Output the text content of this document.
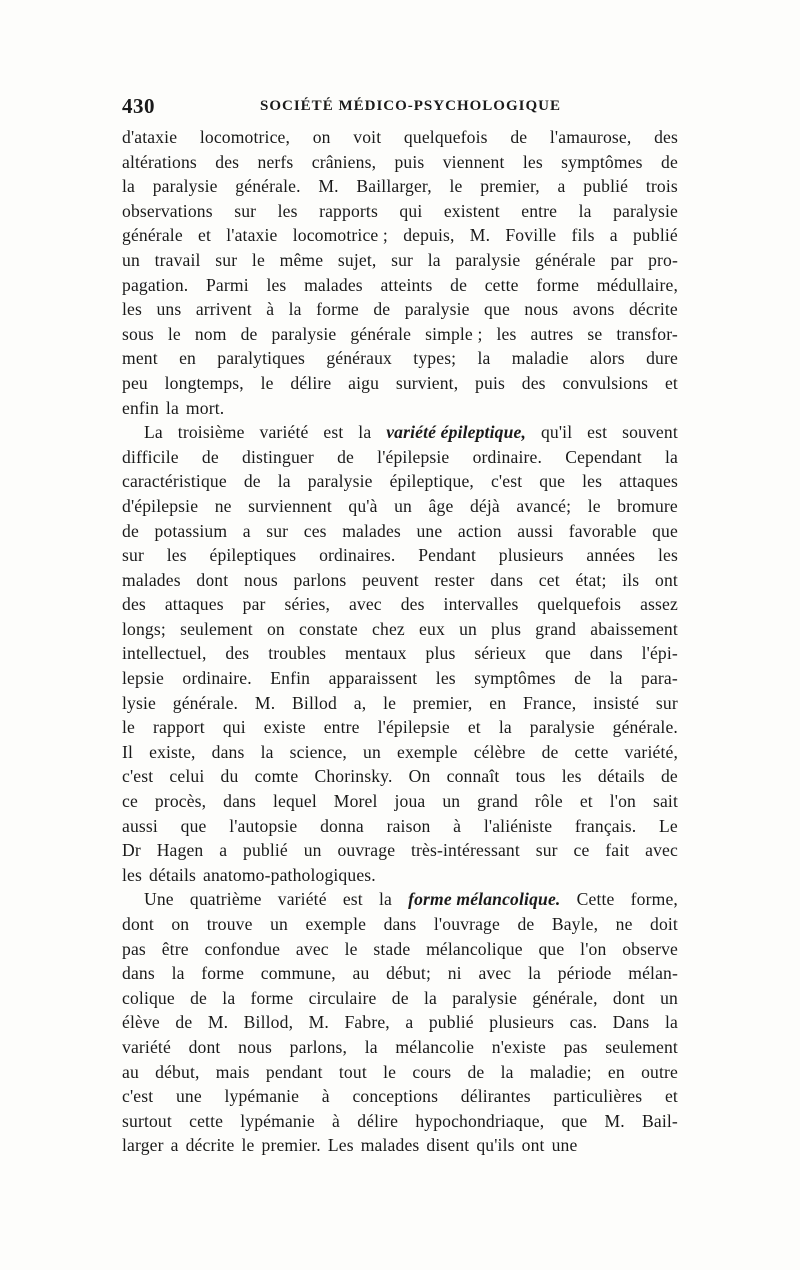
430	SOCIÉTÉ MÉDICO-PSYCHOLOGIQUE
d'ataxie locomotrice, on voit quelquefois de l'amaurose, des
altérations des nerfs crâniens, puis viennent les symptômes de
la paralysie générale. M. Baillarger, le premier, a publié trois
observations sur les rapports qui existent entre la paralysie
générale et l'ataxie locomotrice ; depuis, M. Foville fils a publié
un travail sur le même sujet, sur la paralysie générale par pro-
pagation. Parmi les malades atteints de cette forme médullaire,
les uns arrivent à la forme de paralysie que nous avons décrite
sous le nom de paralysie générale simple ; les autres se transfor-
ment en paralytiques généraux types; la maladie alors dure
peu longtemps, le délire aigu survient, puis des convulsions et
enfin la mort.
La troisième variété est la variété épileptique, qu'il est souvent
difficile de distinguer de l'épilepsie ordinaire. Cependant la
caractéristique de la paralysie épileptique, c'est que les attaques
d'épilepsie ne surviennent qu'à un âge déjà avancé; le bromure
de potassium a sur ces malades une action aussi favorable que
sur les épileptiques ordinaires. Pendant plusieurs années les
malades dont nous parlons peuvent rester dans cet état; ils ont
des attaques par séries, avec des intervalles quelquefois assez
longs; seulement on constate chez eux un plus grand abaissement
intellectuel, des troubles mentaux plus sérieux que dans l'épi-
lepsie ordinaire. Enfin apparaissent les symptômes de la para-
lysie générale. M. Billod a, le premier, en France, insisté sur
le rapport qui existe entre l'épilepsie et la paralysie générale.
Il existe, dans la science, un exemple célèbre de cette variété,
c'est celui du comte Chorinsky. On connaît tous les détails de
ce procès, dans lequel Morel joua un grand rôle et l'on sait
aussi que l'autopsie donna raison à l'aliéniste français. Le
Dr Hagen a publié un ouvrage très-intéressant sur ce fait avec
les détails anatomo-pathologiques.
Une quatrième variété est la forme mélancolique. Cette forme,
dont on trouve un exemple dans l'ouvrage de Bayle, ne doit
pas être confondue avec le stade mélancolique que l'on observe
dans la forme commune, au début; ni avec la période mélan-
colique de la forme circulaire de la paralysie générale, dont un
élève de M. Billod, M. Fabre, a publié plusieurs cas. Dans la
variété dont nous parlons, la mélancolie n'existe pas seulement
au début, mais pendant tout le cours de la maladie; en outre
c'est une lypémanie à conceptions délirantes particulières et
surtout cette lypémanie à délire hypochondriaque, que M. Bail-
larger a décrite le premier. Les malades disent qu'ils ont une
